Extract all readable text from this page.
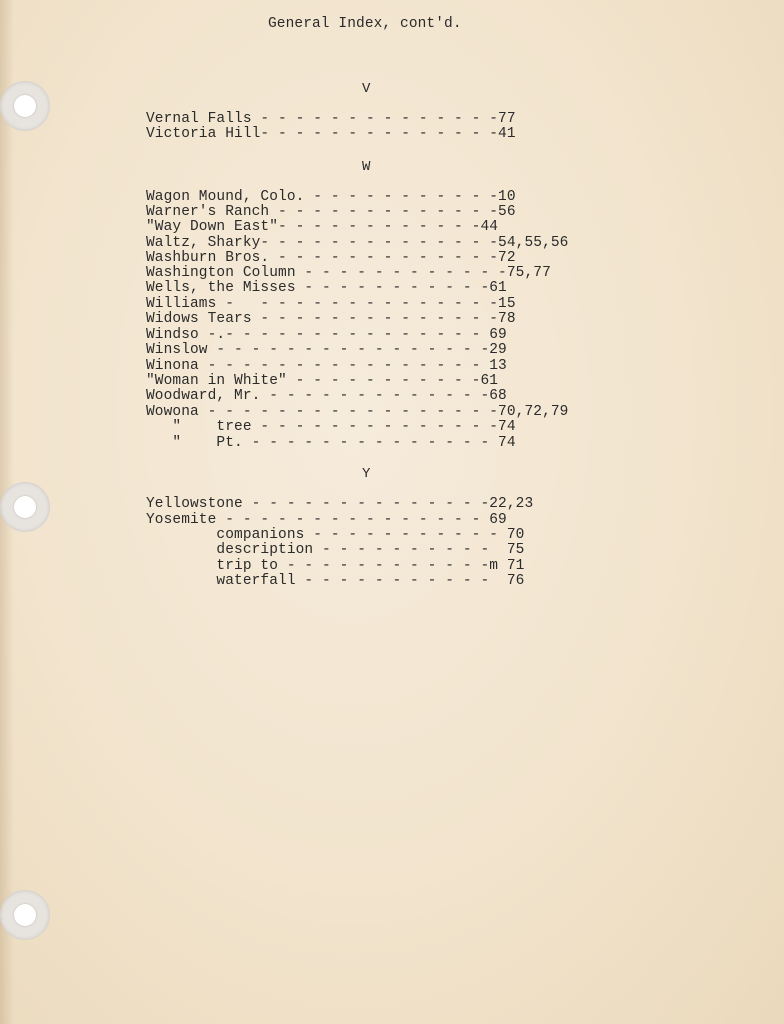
General Index, cont'd.
V
Vernal Falls - - - - - - - - - - - - - -77
Victoria Hill- - - - - - - - - - - - - -41
W
Wagon Mound, Colo. - - - - - - - - - - -10
Warner's Ranch - - - - - - - - - - - - -56
"Way Down East"- - - - - - - - - - - -44
Waltz, Sharky- - - - - - - - - - - - - -54,55,56
Washburn Bros. - - - - - - - - - - - - -72
Washington Column - - - - - - - - - - - -75,77
Wells, the Misses - - - - - - - - - - -61
Williams -   - - - - - - - - - - - - - -15
Widows Tears - - - - - - - - - - - - - -78
Windso -.- - - - - - - - - - - - - - - 69
Winslow - - - - - - - - - - - - - - - -29
Winona - - - - - - - - - - - - - - - - 13
"Woman in White" - - - - - - - - - - -61
Woodward, Mr. - - - - - - - - - - - - -68
Wowona - - - - - - - - - - - - - - - - -70,72,79
"    tree - - - - - - - - - - - - - -74
"    Pt. - - - - - - - - - - - - - - 74
Y
Yellowstone - - - - - - - - - - - - - -22,23
Yosemite - - - - - - - - - - - - - - - 69
companions - - - - - - - - - - - 70
description - - - - - - - - - -  75
trip to - - - - - - - - - - - -m 71
waterfall - - - - - - - - - - -  76
